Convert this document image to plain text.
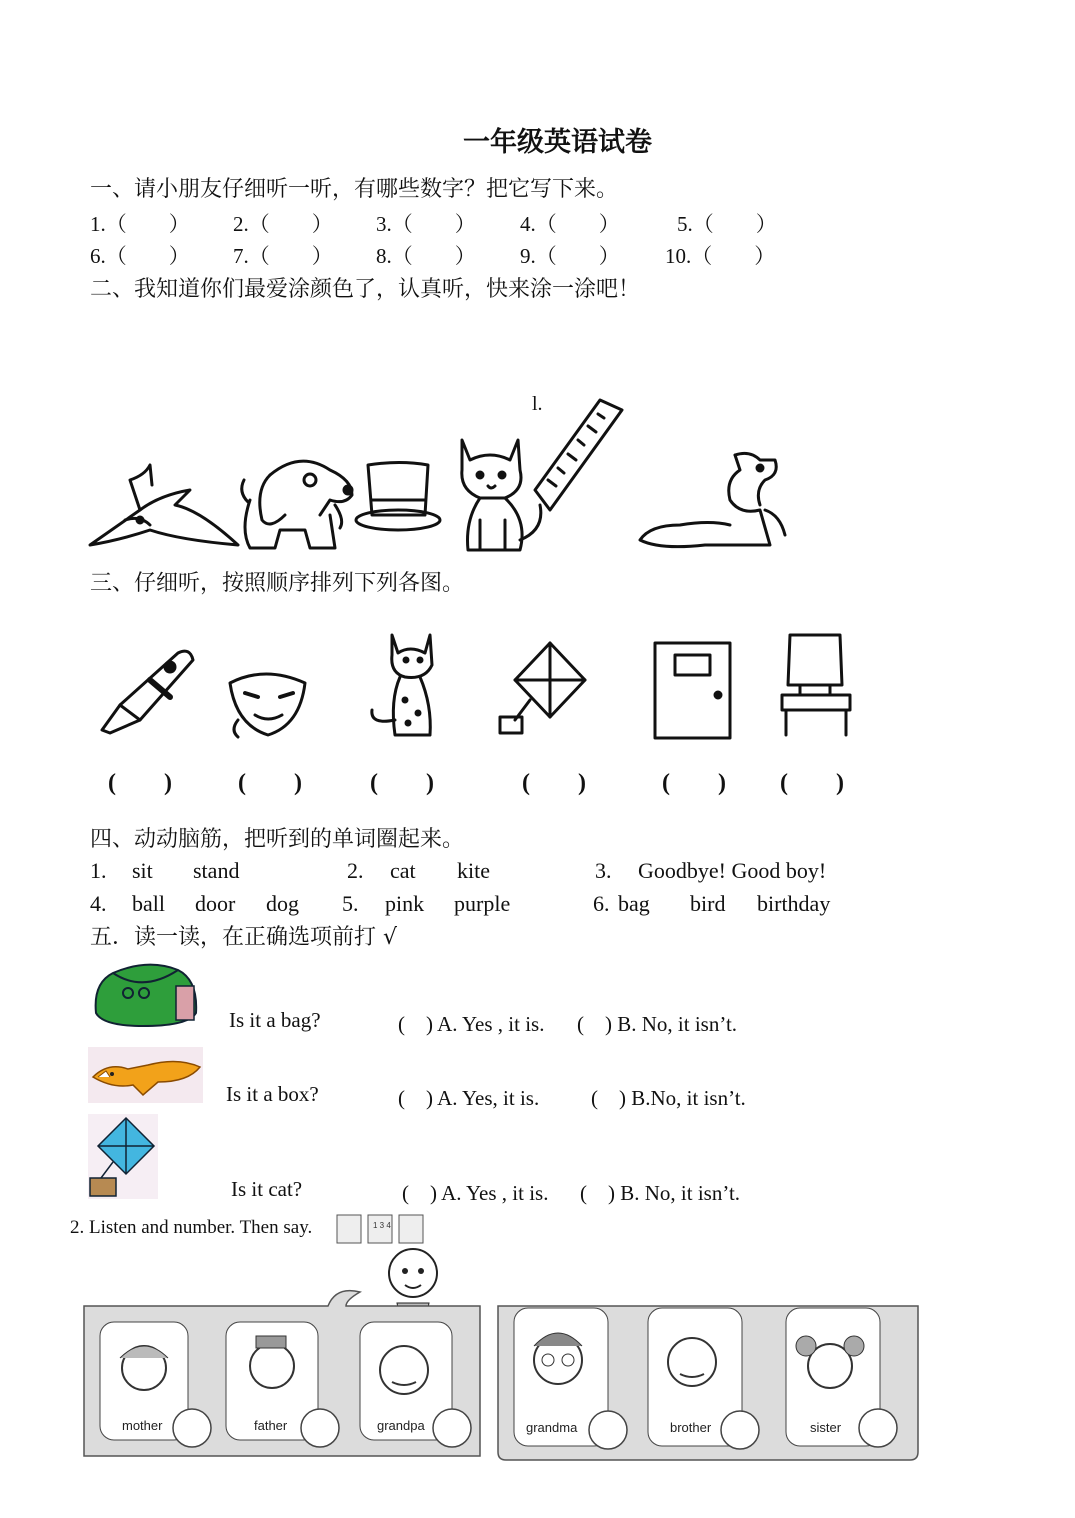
一年级英语试卷
一、请小朋友仔细听一听，有哪些数字？把它写下来。
1.（　　） 2.（　　） 3.（　　） 4.（　　）	5.（　　）
6.（　　） 7.（　　） 8.（　　） 9.（　　） 10.（　　）
二、我知道你们最爱涂颜色了，认真听，快来涂一涂吧！
l.
三、仔细听，按照顺序排列下列各图。
(　　)	(　　)	(　　)	(　　)	(　　) (　　)
四、动动脑筋，把听到的单词圈起来。
1. sit stand	2. cat kite	3. Goodbye! Good boy!
4. ball door dog 5. pink purple	6. bag bird birthday
五．读一读，在正确选项前打 √
Is it a bag?	(　) A. Yes , it is. (　) B. No, it isn’t.
Is it a box?	(　) A. Yes, it is. (　) B.No, it isn’t.
Is it cat?	(　) A. Yes , it is. (　) B. No, it isn’t.
2. Listen and number. Then say.	1 3 4
mother	father	grandpa	grandma	brother	sister
